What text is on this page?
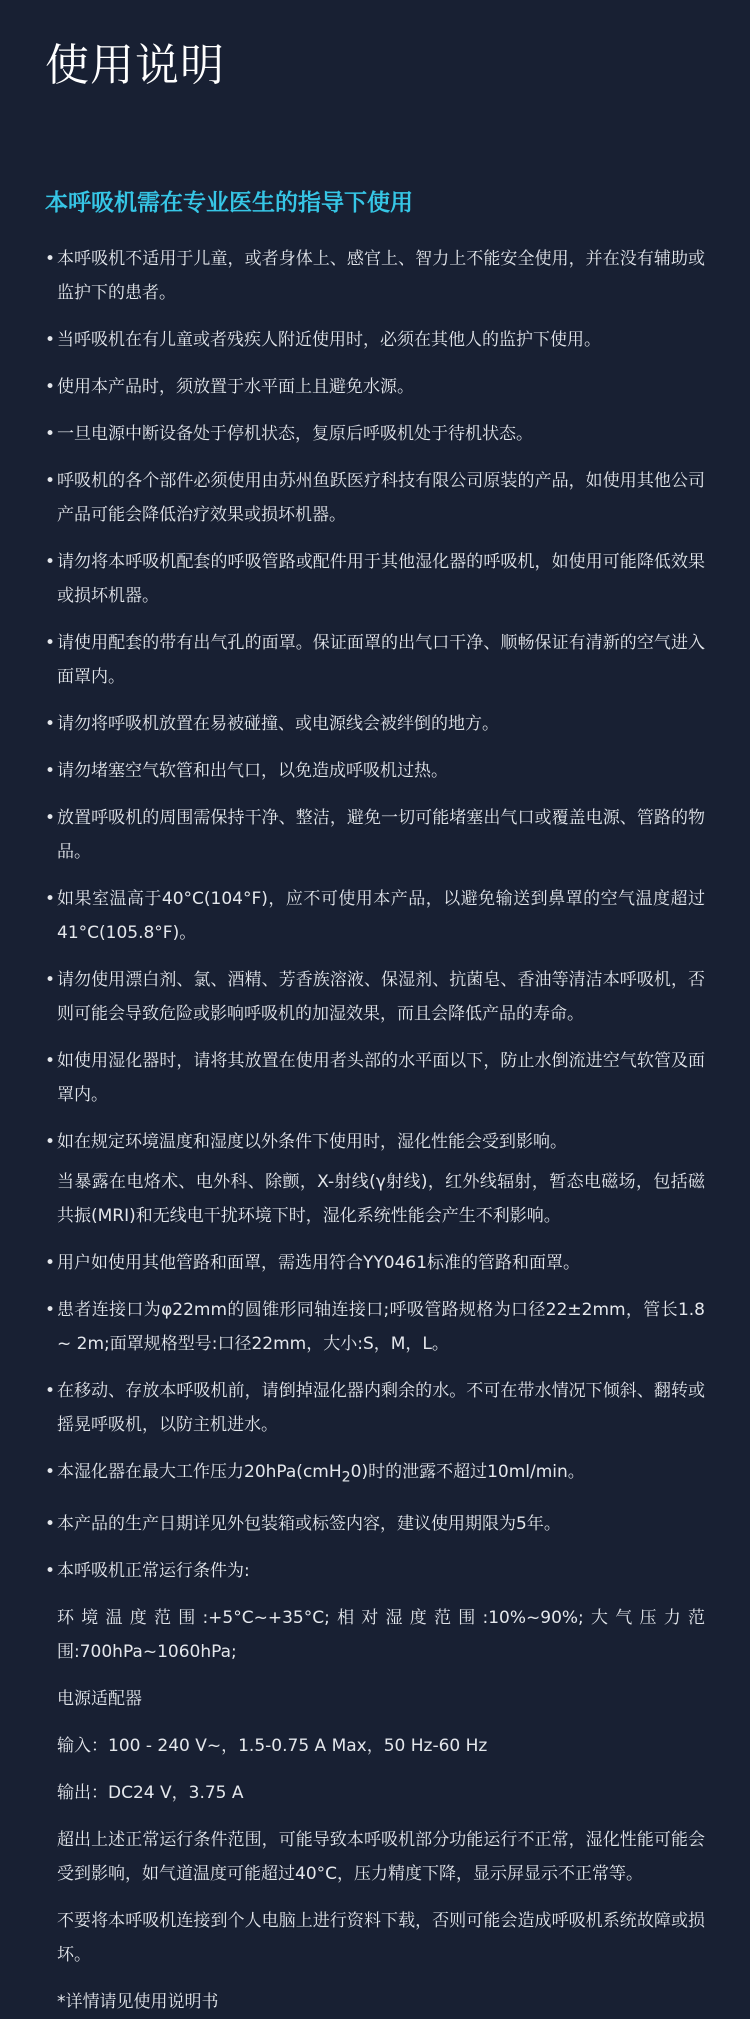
使用说明
本呼吸机需在专业医生的指导下使用
• 本呼吸机不适用于儿童，或者身体上、感官上、智力上不能安全使用，并在没有辅助或监护下的患者。
• 当呼吸机在有儿童或者残疾人附近使用时，必须在其他人的监护下使用。
• 使用本产品时，须放置于水平面上且避免水源。
• 一旦电源中断设备处于停机状态，复原后呼吸机处于待机状态。
• 呼吸机的各个部件必须使用由苏州鱼跃医疗科技有限公司原装的产品，如使用其他公司产品可能会降低治疗效果或损坏机器。
• 请勿将本呼吸机配套的呼吸管路或配件用于其他湿化器的呼吸机，如使用可能降低效果或损坏机器。
• 请使用配套的带有出气孔的面罩。保证面罩的出气口干净、顺畅保证有清新的空气进入面罩内。
• 请勿将呼吸机放置在易被碰撞、或电源线会被绊倒的地方。
• 请勿堵塞空气软管和出气口，以免造成呼吸机过热。
• 放置呼吸机的周围需保持干净、整洁，避免一切可能堵塞出气口或覆盖电源、管路的物品。
• 如果室温高于40°C(104°F)，应不可使用本产品，以避免输送到鼻罩的空气温度超过41°C(105.8°F)。
• 请勿使用漂白剂、氯、酒精、芳香族溶液、保湿剂、抗菌皂、香油等清洁本呼吸机，否则可能会导致危险或影响呼吸机的加湿效果，而且会降低产品的寿命。
• 如使用湿化器时，请将其放置在使用者头部的水平面以下，防止水倒流进空气软管及面罩内。
• 如在规定环境温度和湿度以外条件下使用时，湿化性能会受到影响。
当暴露在电烙术、电外科、除颤，X-射线(γ射线)，红外线辐射，暂态电磁场，包括磁共振(MRI)和无线电干扰环境下时，湿化系统性能会产生不利影响。
• 用户如使用其他管路和面罩，需选用符合YY0461标准的管路和面罩。
• 患者连接口为φ22mm的圆锥形同轴连接口;呼吸管路规格为口径22±2mm，管长1.8 ~ 2m;面罩规格型号:口径22mm，大小:S，M，L。
• 在移动、存放本呼吸机前，请倒掉湿化器内剩余的水。不可在带水情况下倾斜、翻转或摇晃呼吸机，以防主机进水。
• 本湿化器在最大工作压力20hPa(cmH$_2$0)时的泄露不超过10ml/min。
• 本产品的生产日期详见外包装箱或标签内容，建议使用期限为5年。
• 本呼吸机正常运行条件为:
环境温度范围:+5°C~+35°C;相对湿度范围:10%~90%;大气压力范围:700hPa~1060hPa;
电源适配器
输入：100 - 240 V~，1.5-0.75 A Max，50 Hz-60 Hz
输出：DC24 V，3.75 A
超出上述正常运行条件范围，可能导致本呼吸机部分功能运行不正常，湿化性能可能会受到影响，如气道温度可能超过40°C，压力精度下降，显示屏显示不正常等。
不要将本呼吸机连接到个人电脑上进行资料下载，否则可能会造成呼吸机系统故障或损坏。
*详情请见使用说明书
